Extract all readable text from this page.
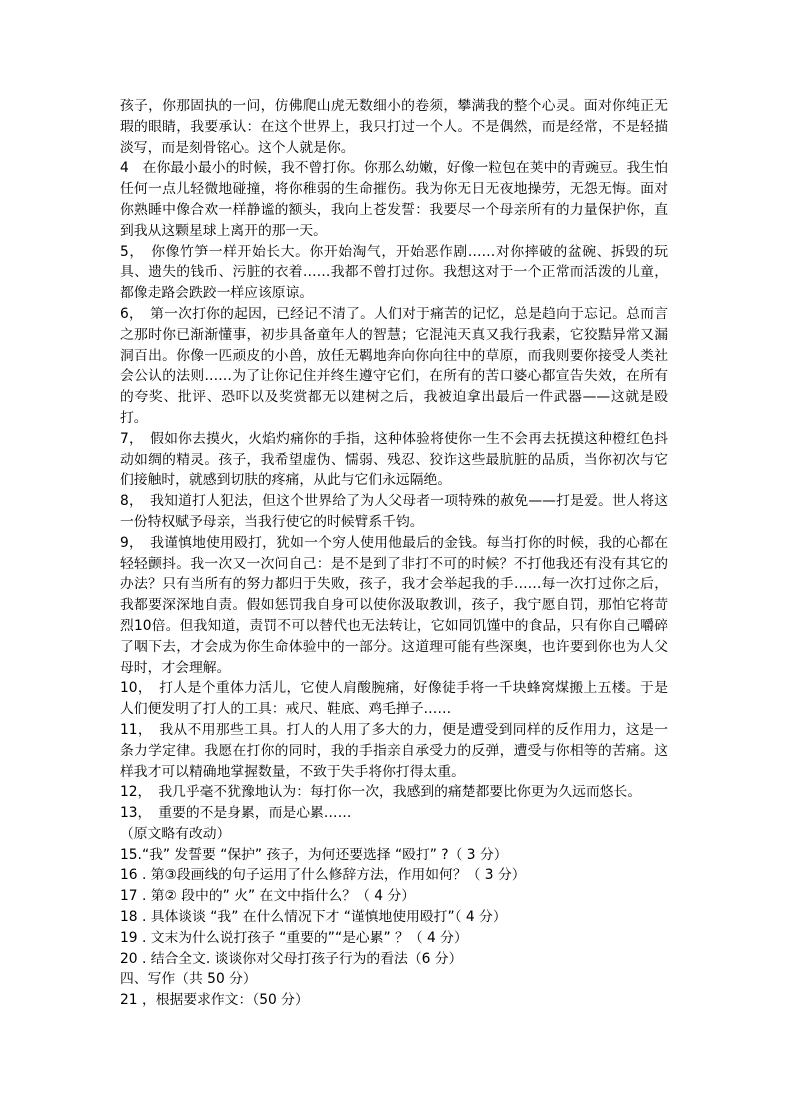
孩子，你那固执的一问，仿佛爬山虎无数细小的卷须，攀满我的整个心灵。面对你纯正无瑕的眼睛，我要承认：在这个世界上，我只打过一个人。不是偶然，而是经常，不是轻描淡写，而是刻骨铭心。这个人就是你。

4　在你最小最小的时候，我不曾打你。你那么幼嫩，好像一粒包在荚中的青豌豆。我生怕任何一点儿轻微地碰撞，将你稚弱的生命摧伤。我为你无日无夜地操劳，无怨无悔。面对你熟睡中像合欢一样静谧的额头，我向上苍发誓：我要尽一个母亲所有的力量保护你，直到我从这颗星球上离开的那一天。

5，　你像竹笋一样开始长大。你开始淘气，开始恶作剧……对你摔破的盆碗、拆毁的玩具、遗失的钱币、污脏的衣着……我都不曾打过你。我想这对于一个正常而活泼的儿童，都像走路会跌跤一样应该原谅。

6，　第一次打你的起因，已经记不清了。人们对于痛苦的记忆，总是趋向于忘记。总而言之那时你已渐渐懂事，初步具备童年人的智慧；它混沌天真又我行我素，它狡黠异常又漏洞百出。你像一匹顽皮的小兽，放任无羁地奔向你向往中的草原，而我则要你接受人类社会公认的法则……为了让你记住并终生遵守它们，在所有的苦口婆心都宣告失效，在所有的夸奖、批评、恐吓以及奖赏都无以建树之后，我被迫拿出最后一件武器——这就是殴打。

7，　假如你去摸火，火焰灼痛你的手指，这种体验将使你一生不会再去抚摸这种橙红色抖动如绸的精灵。孩子，我希望虚伪、懦弱、残忍、狡诈这些最肮脏的品质，当你初次与它们接触时，就感到切肤的疼痛，从此与它们永远隔绝。

8，　我知道打人犯法，但这个世界给了为人父母者一项特殊的赦免——打是爱。世人将这一份特权赋予母亲，当我行使它的时候臂系千钧。

9，　我谨慎地使用殴打，犹如一个穷人使用他最后的金钱。每当打你的时候，我的心都在轻轻颤抖。我一次又一次问自己：是不是到了非打不可的时候？不打他我还有没有其它的办法？只有当所有的努力都归于失败，孩子，我才会举起我的手……每一次打过你之后，我都要深深地自责。假如惩罚我自身可以使你汲取教训，孩子，我宁愿自罚，那怕它将苛烈10倍。但我知道，责罚不可以替代也无法转让，它如同饥馑中的食品，只有你自己嚼碎了咽下去，才会成为你生命体验中的一部分。这道理可能有些深奥，也许要到你也为人父母时，才会理解。

10，　打人是个重体力活儿，它使人肩酸腕痛，好像徒手将一千块蜂窝煤搬上五楼。于是人们便发明了打人的工具：戒尺、鞋底、鸡毛掸子……

11，　我从不用那些工具。打人的人用了多大的力，便是遭受到同样的反作用力，这是一条力学定律。我愿在打你的同时，我的手指亲自承受力的反弹，遭受与你相等的苦痛。这样我才可以精确地掌握数量，不致于失手将你打得太重。

12，　我几乎毫不犹豫地认为：每打你一次，我感到的痛楚都要比你更为久远而悠长。

13，　重要的不是身累，而是心累……

（原文略有改动）

15.“我” 发誓要 “保护” 孩子，为何还要选择 “殴打” ?（ 3 分）

16 . 第③段画线的句子运用了什么修辞方法，作用如何？（ 3 分）

17 . 第② 段中的” 火” 在文中指什么？（ 4 分）

18 . 具体谈谈 “我” 在什么情况下才 “谨慎地使用殴打”（ 4 分）

19 . 文末为什么说打孩子 “重要的”“是心累” ？（ 4 分）

20 . 结合全文. 谈谈你对父母打孩子行为的看法（6 分）

四、写作（共 50 分）

21 ，根据要求作文：（50 分）
